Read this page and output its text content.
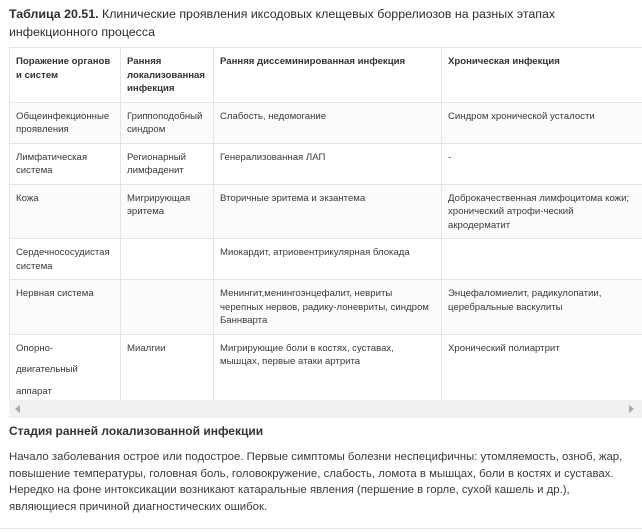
Таблица 20.51. Клинические проявления иксодовых клещевых боррелиозов на разных этапах инфекционного процесса
Поражение органов и систем	Ранняя локализованная инфекция	Ранняя диссеминированная инфекция	Хроническая инфекция
Общеинфекционные проявления	Гриппоподобный синдром	Слабость, недомогание	Синдром хронической усталости
Лимфатическая система	Регионарный лимфаденит	Генерализованная ЛАП	-
Кожа	Мигрирующая эритема	Вторичные эритема и экзантема	Доброкачественная лимфоцитома кожи; хронический атрофи-ческий акродерматит
Сердечнососудистая система		Миокардит, атриовентрикулярная блокада	
Нервная система		Менингит,менингоэнцефалит, невриты черепных нервов, радику-лоневриты, синдром Баннварта	Энцефаломиелит, радикулопатии, церебральные васкулиты

Опорно-двигательный аппарат	Миалгии	Мигрирующие боли в костях, суставах, мышцах, первые атаки артрита	Хронический полиартрит
Стадия ранней локализованной инфекции

Начало заболевания острое или подострое. Первые симптомы болезни неспецифичны: утомляемость, озноб, жар, повышение температуры, головная боль, головокружение, слабость, ломота в мышцах, боли в костях и суставах. Нередко на фоне интоксикации возникают катаральные явления (першение в горле, сухой кашель и др.), являющиеся причиной диагностических ошибок.
